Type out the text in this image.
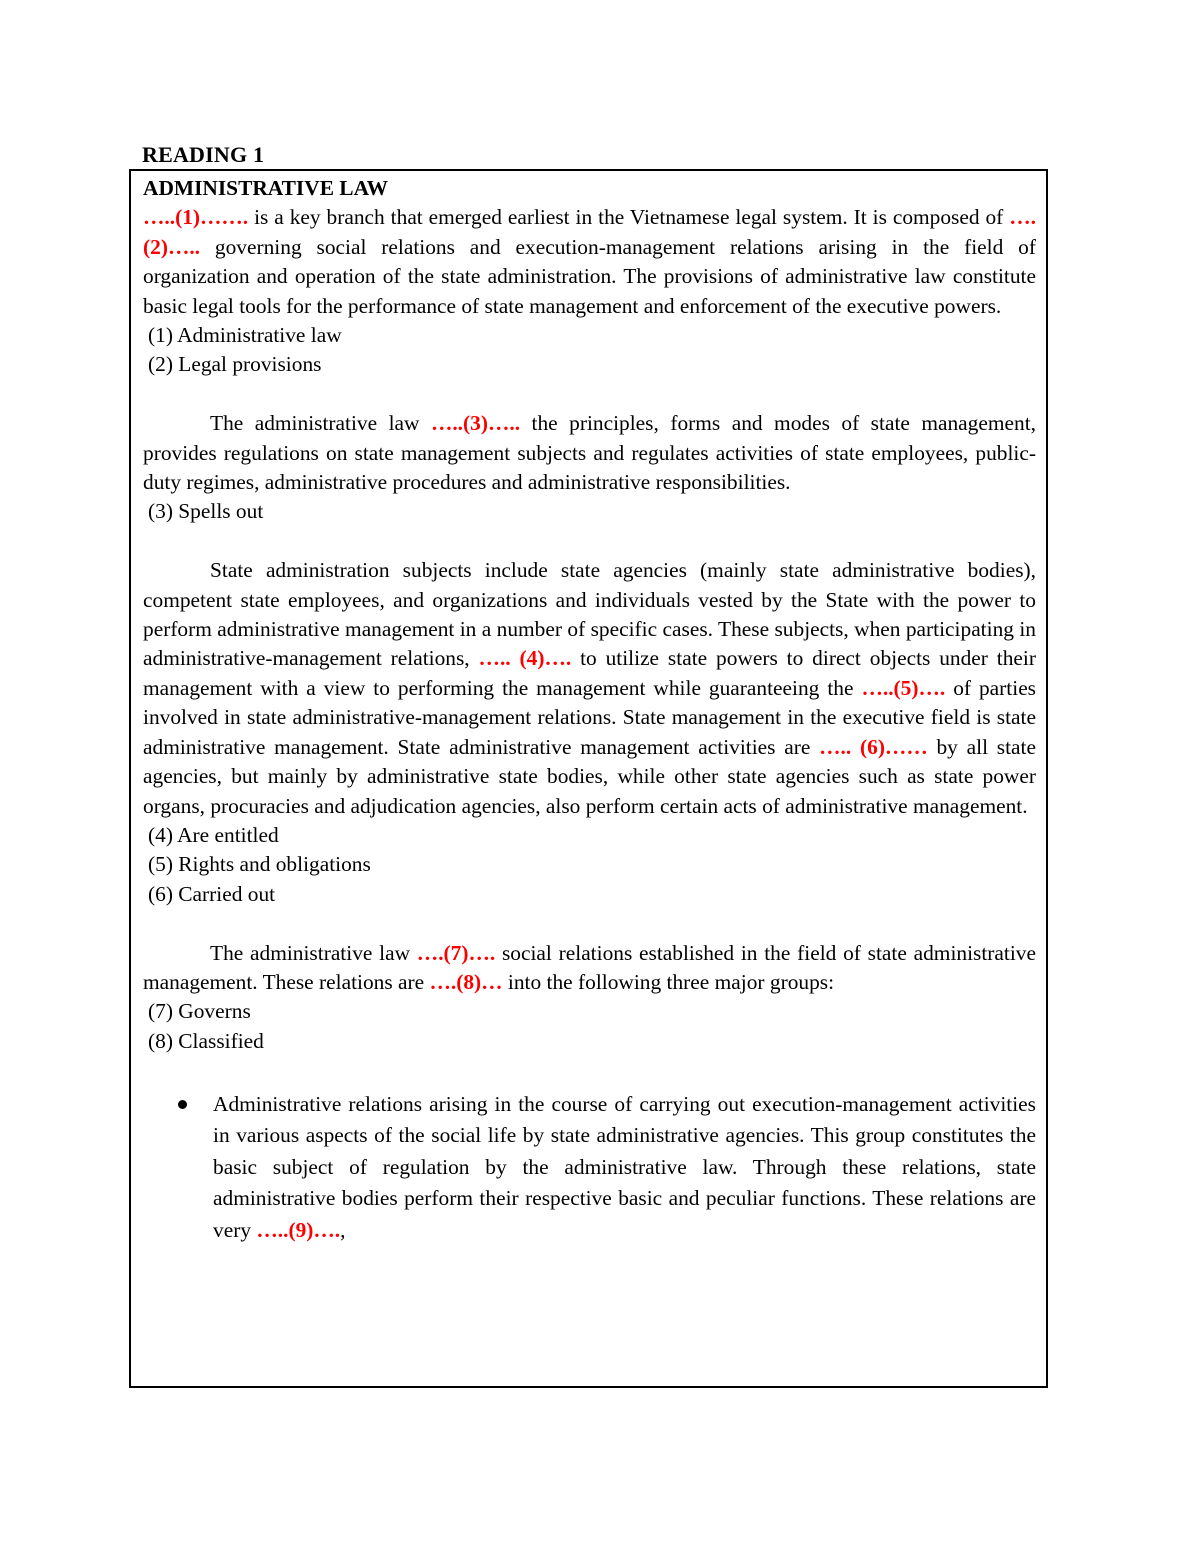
READING 1

ADMINISTRATIVE LAW

…..(1)……. is a key branch that emerged earliest in the Vietnamese legal system. It is composed of ….(2)….. governing social relations and execution-management relations arising in the field of organization and operation of the state administration. The provisions of administrative law constitute basic legal tools for the performance of state management and enforcement of the executive powers.

(1) Administrative law

(2) Legal provisions

The administrative law …..(3)….. the principles, forms and modes of state management, provides regulations on state management subjects and regulates activities of state employees, public-duty regimes, administrative procedures and administrative responsibilities.

(3) Spells out

State administration subjects include state agencies (mainly state administrative bodies), competent state employees, and organizations and individuals vested by the State with the power to perform administrative management in a number of specific cases. These subjects, when participating in administrative-management relations, ….. (4)…. to utilize state powers to direct objects under their management with a view to performing the management while guaranteeing the …..(5)…. of parties involved in state administrative-management relations. State management in the executive field is state administrative management. State administrative management activities are ….. (6)…… by all state agencies, but mainly by administrative state bodies, while other state agencies such as state power organs, procuracies and adjudication agencies, also perform certain acts of administrative management.

(4) Are entitled

(5) Rights and obligations

(6) Carried out

The administrative law ….(7)…. social relations established in the field of state administrative management. These relations are ….(8)… into the following three major groups:

(7) Governs

(8) Classified

Administrative relations arising in the course of carrying out execution-management activities in various aspects of the social life by state administrative agencies. This group constitutes the basic subject of regulation by the administrative law. Through these relations, state administrative bodies perform their respective basic and peculiar functions. These relations are very …..(9)….,
